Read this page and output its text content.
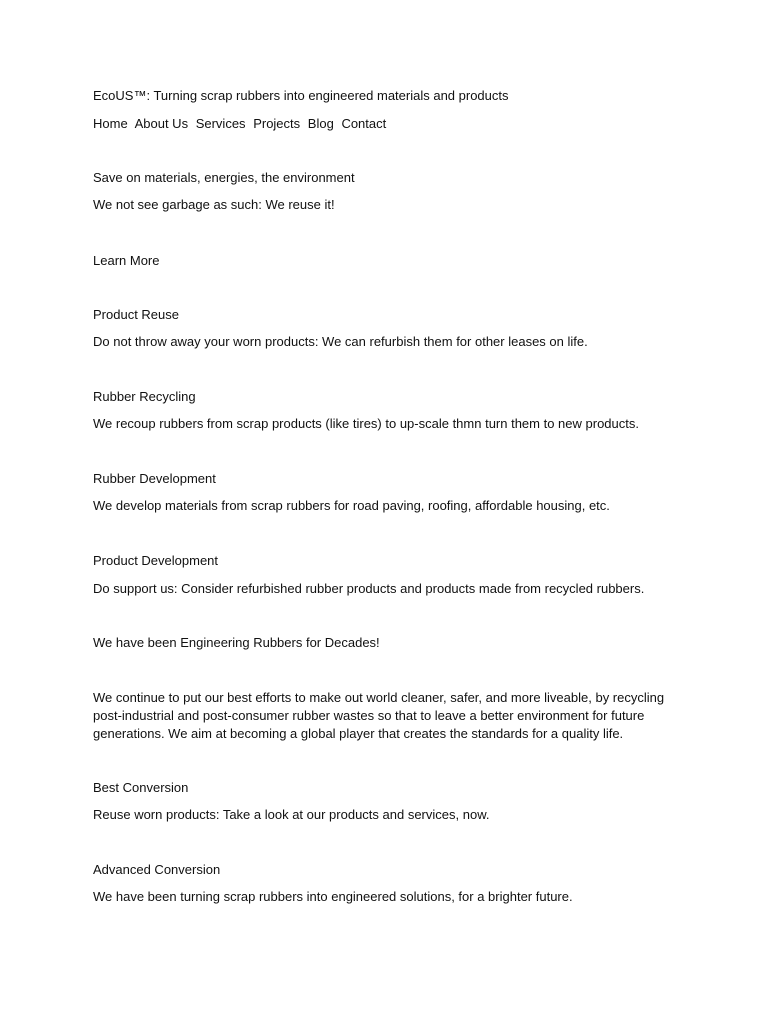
EcoUS™: Turning scrap rubbers into engineered materials and products
Home About Us Services Projects Blog Contact
Save on materials, energies, the environment
We not see garbage as such: We reuse it!
Learn More
Product Reuse
Do not throw away your worn products: We can refurbish them for other leases on life.
Rubber Recycling
We recoup rubbers from scrap products (like tires) to up-scale thmn turn them to new products.
Rubber Development
We develop materials from scrap rubbers for road paving, roofing, affordable housing, etc.
Product Development
Do support us: Consider refurbished rubber products and products made from recycled rubbers.
We have been Engineering Rubbers for Decades!
We continue to put our best efforts to make out world cleaner, safer, and more liveable, by recycling post-industrial and post-consumer rubber wastes so that to leave a better environment for future generations. We aim at becoming a global player that creates the standards for a quality life.
Best Conversion
Reuse worn products: Take a look at our products and services, now.
Advanced Conversion
We have been turning scrap rubbers into engineered solutions, for a brighter future.
